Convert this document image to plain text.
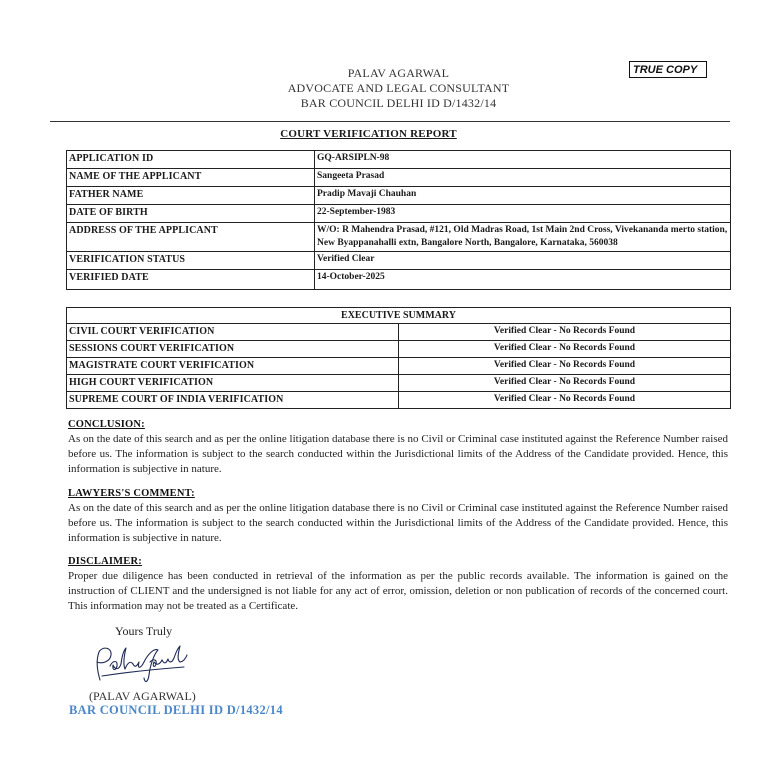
PALAV AGARWAL
ADVOCATE AND LEGAL CONSULTANT
BAR COUNCIL DELHI ID D/1432/14
TRUE COPY
COURT VERIFICATION REPORT
APPLICATION ID	GQ-ARSIPLN-98
NAME OF THE APPLICANT	Sangeeta Prasad
FATHER NAME	Pradip Mavaji Chauhan
DATE OF BIRTH	22-September-1983
ADDRESS OF THE APPLICANT	W/O: R Mahendra Prasad, #121, Old Madras Road, 1st Main 2nd Cross, Vivekananda merto station, New Byappanahalli extn, Bangalore North, Bangalore, Karnataka, 560038
VERIFICATION STATUS	Verified Clear
VERIFIED DATE	14-October-2025
EXECUTIVE SUMMARY	
CIVIL COURT VERIFICATION	Verified Clear - No Records Found
SESSIONS COURT VERIFICATION	Verified Clear - No Records Found
MAGISTRATE COURT VERIFICATION	Verified Clear - No Records Found
HIGH COURT VERIFICATION	Verified Clear - No Records Found
SUPREME COURT OF INDIA VERIFICATION	Verified Clear - No Records Found
CONCLUSION:

As on the date of this search and as per the online litigation database there is no Civil or Criminal case instituted against the Reference Number raised before us. The information is subject to the search conducted within the Jurisdictional limits of the Address of the Candidate provided. Hence, this information is subjective in nature.

LAWYERS'S COMMENT:

As on the date of this search and as per the online litigation database there is no Civil or Criminal case instituted against the Reference Number raised before us. The information is subject to the search conducted within the Jurisdictional limits of the Address of the Candidate provided. Hence, this information is subjective in nature.

DISCLAIMER:

Proper due diligence has been conducted in retrieval of the information as per the public records available. The information is gained on the instruction of CLIENT and the undersigned is not liable for any act of error, omission, deletion or non publication of records of the concerned court. This information may not be treated as a Certificate.

Yours Truly
(PALAV AGARWAL)
BAR COUNCIL DELHI ID D/1432/14
